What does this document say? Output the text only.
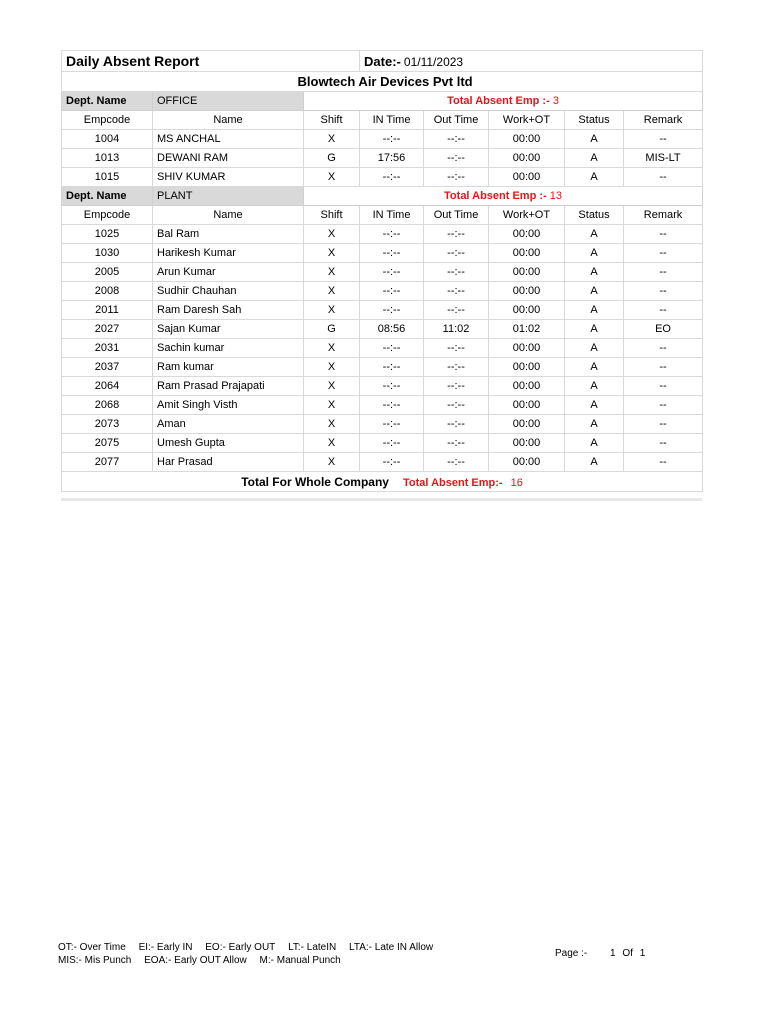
Daily Absent Report			Date:- 01/11/2023				
			Blowtech Air Devices Pvt ltd				
Dept. Name	OFFICE	Total Absent Emp :- 3					
Empcode	Name	Shift	IN Time	Out Time	Work+OT	Status	Remark
1004	MS ANCHAL	X	--:--	--:--	00:00	A	--
1013	DEWANI RAM	G	17:56	--:--	00:00	A	MIS-LT
1015	SHIV KUMAR	X	--:--	--:--	00:00	A	--
Dept. Name	PLANT	Total Absent Emp :- 13					
Empcode	Name	Shift	IN Time	Out Time	Work+OT	Status	Remark
1025	Bal Ram	X	--:--	--:--	00:00	A	--
1030	Harikesh Kumar	X	--:--	--:--	00:00	A	--
2005	Arun Kumar	X	--:--	--:--	00:00	A	--
2008	Sudhir Chauhan	X	--:--	--:--	00:00	A	--
2011	Ram Daresh Sah	X	--:--	--:--	00:00	A	--
2027	Sajan Kumar	G	08:56	11:02	01:02	A	EO
2031	Sachin kumar	X	--:--	--:--	00:00	A	--
2037	Ram kumar	X	--:--	--:--	00:00	A	--
2064	Ram Prasad Prajapati	X	--:--	--:--	00:00	A	--
2068	Amit Singh Visth	X	--:--	--:--	00:00	A	--
2073	Aman	X	--:--	--:--	00:00	A	--
2075	Umesh Gupta	X	--:--	--:--	00:00	A	--
2077	Har Prasad	X	--:--	--:--	00:00	A	--
Total For Whole Company Total Absent Emp:- 16							
OT:- Over Time EI:- Early IN EO:- Early OUT LT:- LateIN LTA:- Late IN Allow
MIS:- Mis Punch EOA:- Early OUT Allow M:- Manual Punch
Page :- 1 Of 1
